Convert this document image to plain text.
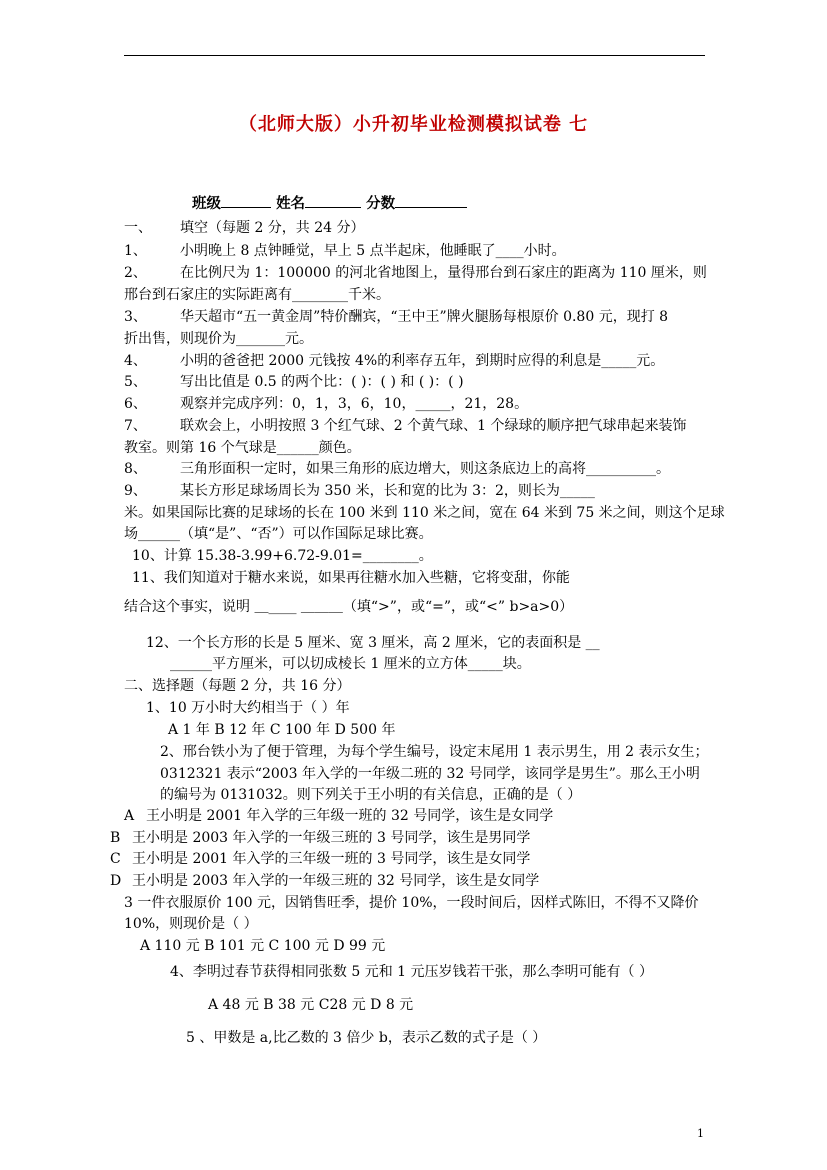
（北师大版）小升初毕业检测模拟试卷 七
班级	姓名	分数
一、 填空（每题 2 分，共 24 分）
1、 小明晚上 8 点钟睡觉，早上 5 点半起床，他睡眠了____小时。
2、 在比例尺为 1：100000 的河北省地图上，量得邢台到石家庄的距离为 110 厘米，则
邢台到石家庄的实际距离有________千米。
3、 华天超市“五一黄金周”特价酬宾，“王中王”牌火腿肠每根原价 0.80 元，现打 8
折出售，则现价为_______元。
4、 小明的爸爸把 2000 元钱按 4%的利率存五年，到期时应得的利息是_____元。
5、 写出比值是 0.5 的两个比：( )：( ) 和 ( )：( )
6、 观察并完成序列：0，1，3，6，10，_____，21，28。
7、 联欢会上，小明按照 3 个红气球、2 个黄气球、1 个绿球的顺序把气球串起来装饰
教室。则第 16 个气球是______颜色。
8、 三角形面积一定时，如果三角形的底边增大，则这条底边上的高将__________。
9、 某长方形足球场周长为 350 米，长和宽的比为 3：2，则长为_____
米。如果国际比赛的足球场的长在 100 米到 110 米之间，宽在 64 米到 75 米之间，则这个足球
场______（填“是”、“否”）可以作国际足球比赛。
10、计算 15.38-3.99+6.72-9.01=________。
11、我们知道对于糖水来说，如果再往糖水加入些糖，它将变甜，你能
结合这个事实，说明 ＿____ ＿＿＿（填“>”，或“=”，或“<” b>a>0）
12、一个长方形的长是 5 厘米、宽 3 厘米，高 2 厘米，它的表面积是 __
______平方厘米，可以切成棱长 1 厘米的立方体_____块。
二、选择题（每题 2 分，共 16 分）
1、10 万小时大约相当于（ ）年
A 1 年 B 12 年 C 100 年 D 500 年
2、邢台铁小为了便于管理，为每个学生编号，设定末尾用 1 表示男生，用 2 表示女生；
0312321 表示“2003 年入学的一年级二班的 32 号同学，该同学是男生”。那么王小明
的编号为 0131032。则下列关于王小明的有关信息，正确的是（ ）
A 王小明是 2001 年入学的三年级一班的 32 号同学，该生是女同学
B 王小明是 2003 年入学的一年级三班的 3 号同学，该生是男同学
C 王小明是 2001 年入学的三年级一班的 3 号同学，该生是女同学
D 王小明是 2003 年入学的一年级三班的 32 号同学，该生是女同学
3 一件衣服原价 100 元，因销售旺季，提价 10%，一段时间后，因样式陈旧，不得不又降价
10%，则现价是（ ）
A 110 元 B 101 元 C 100 元 D 99 元
4、李明过春节获得相同张数 5 元和 1 元压岁钱若干张，那么李明可能有（ ）
A 48 元 B 38 元 C28 元 D 8 元
5 、甲数是 a,比乙数的 3 倍少 b，表示乙数的式子是（ ）
1
